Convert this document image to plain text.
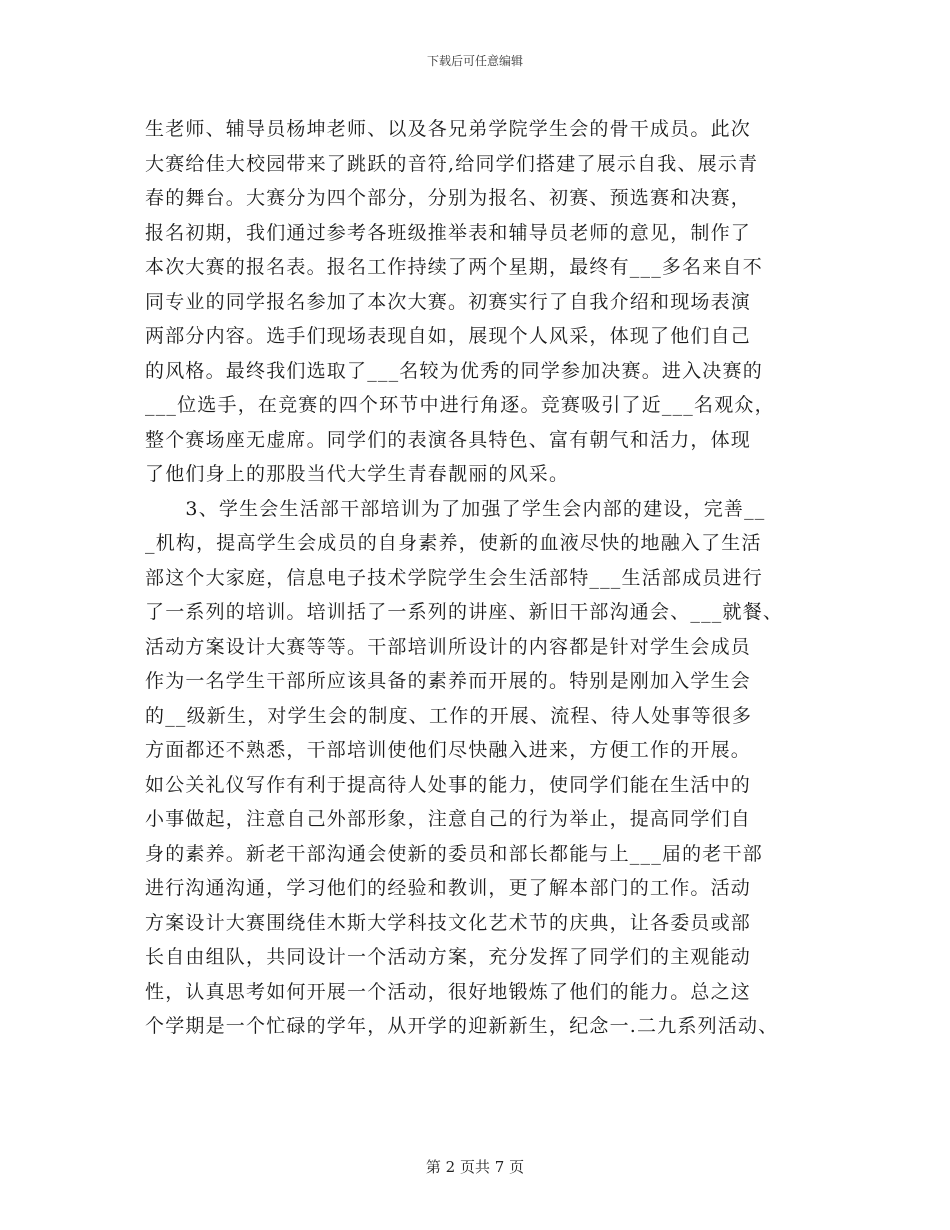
下载后可任意编辑
生老师、辅导员杨坤老师、以及各兄弟学院学生会的骨干成员。此次
大赛给佳大校园带来了跳跃的音符,给同学们搭建了展示自我、展示青
春的舞台。大赛分为四个部分，分别为报名、初赛、预选赛和决赛，
报名初期，我们通过参考各班级推举表和辅导员老师的意见，制作了
本次大赛的报名表。报名工作持续了两个星期，最终有___多名来自不
同专业的同学报名参加了本次大赛。初赛实行了自我介绍和现场表演
两部分内容。选手们现场表现自如，展现个人风采，体现了他们自己
的风格。最终我们选取了___名较为优秀的同学参加决赛。进入决赛的
___位选手，在竞赛的四个环节中进行角逐。竞赛吸引了近___名观众，
整个赛场座无虚席。同学们的表演各具特色、富有朝气和活力，体现
了他们身上的那股当代大学生青春靓丽的风采。
　　3、学生会生活部干部培训为了加强了学生会内部的建设，完善__
_机构，提高学生会成员的自身素养，使新的血液尽快的地融入了生活
部这个大家庭，信息电子技术学院学生会生活部特___生活部成员进行
了一系列的培训。培训括了一系列的讲座、新旧干部沟通会、___就餐、
活动方案设计大赛等等。干部培训所设计的内容都是针对学生会成员
作为一名学生干部所应该具备的素养而开展的。特别是刚加入学生会
的__级新生，对学生会的制度、工作的开展、流程、待人处事等很多
方面都还不熟悉，干部培训使他们尽快融入进来，方便工作的开展。
如公关礼仪写作有利于提高待人处事的能力，使同学们能在生活中的
小事做起，注意自己外部形象，注意自己的行为举止，提高同学们自
身的素养。新老干部沟通会使新的委员和部长都能与上___届的老干部
进行沟通沟通，学习他们的经验和教训，更了解本部门的工作。活动
方案设计大赛围绕佳木斯大学科技文化艺术节的庆典，让各委员或部
长自由组队，共同设计一个活动方案，充分发挥了同学们的主观能动
性，认真思考如何开展一个活动，很好地锻炼了他们的能力。总之这
个学期是一个忙碌的学年，从开学的迎新新生，纪念一.二九系列活动、
第 2 页共 7 页
